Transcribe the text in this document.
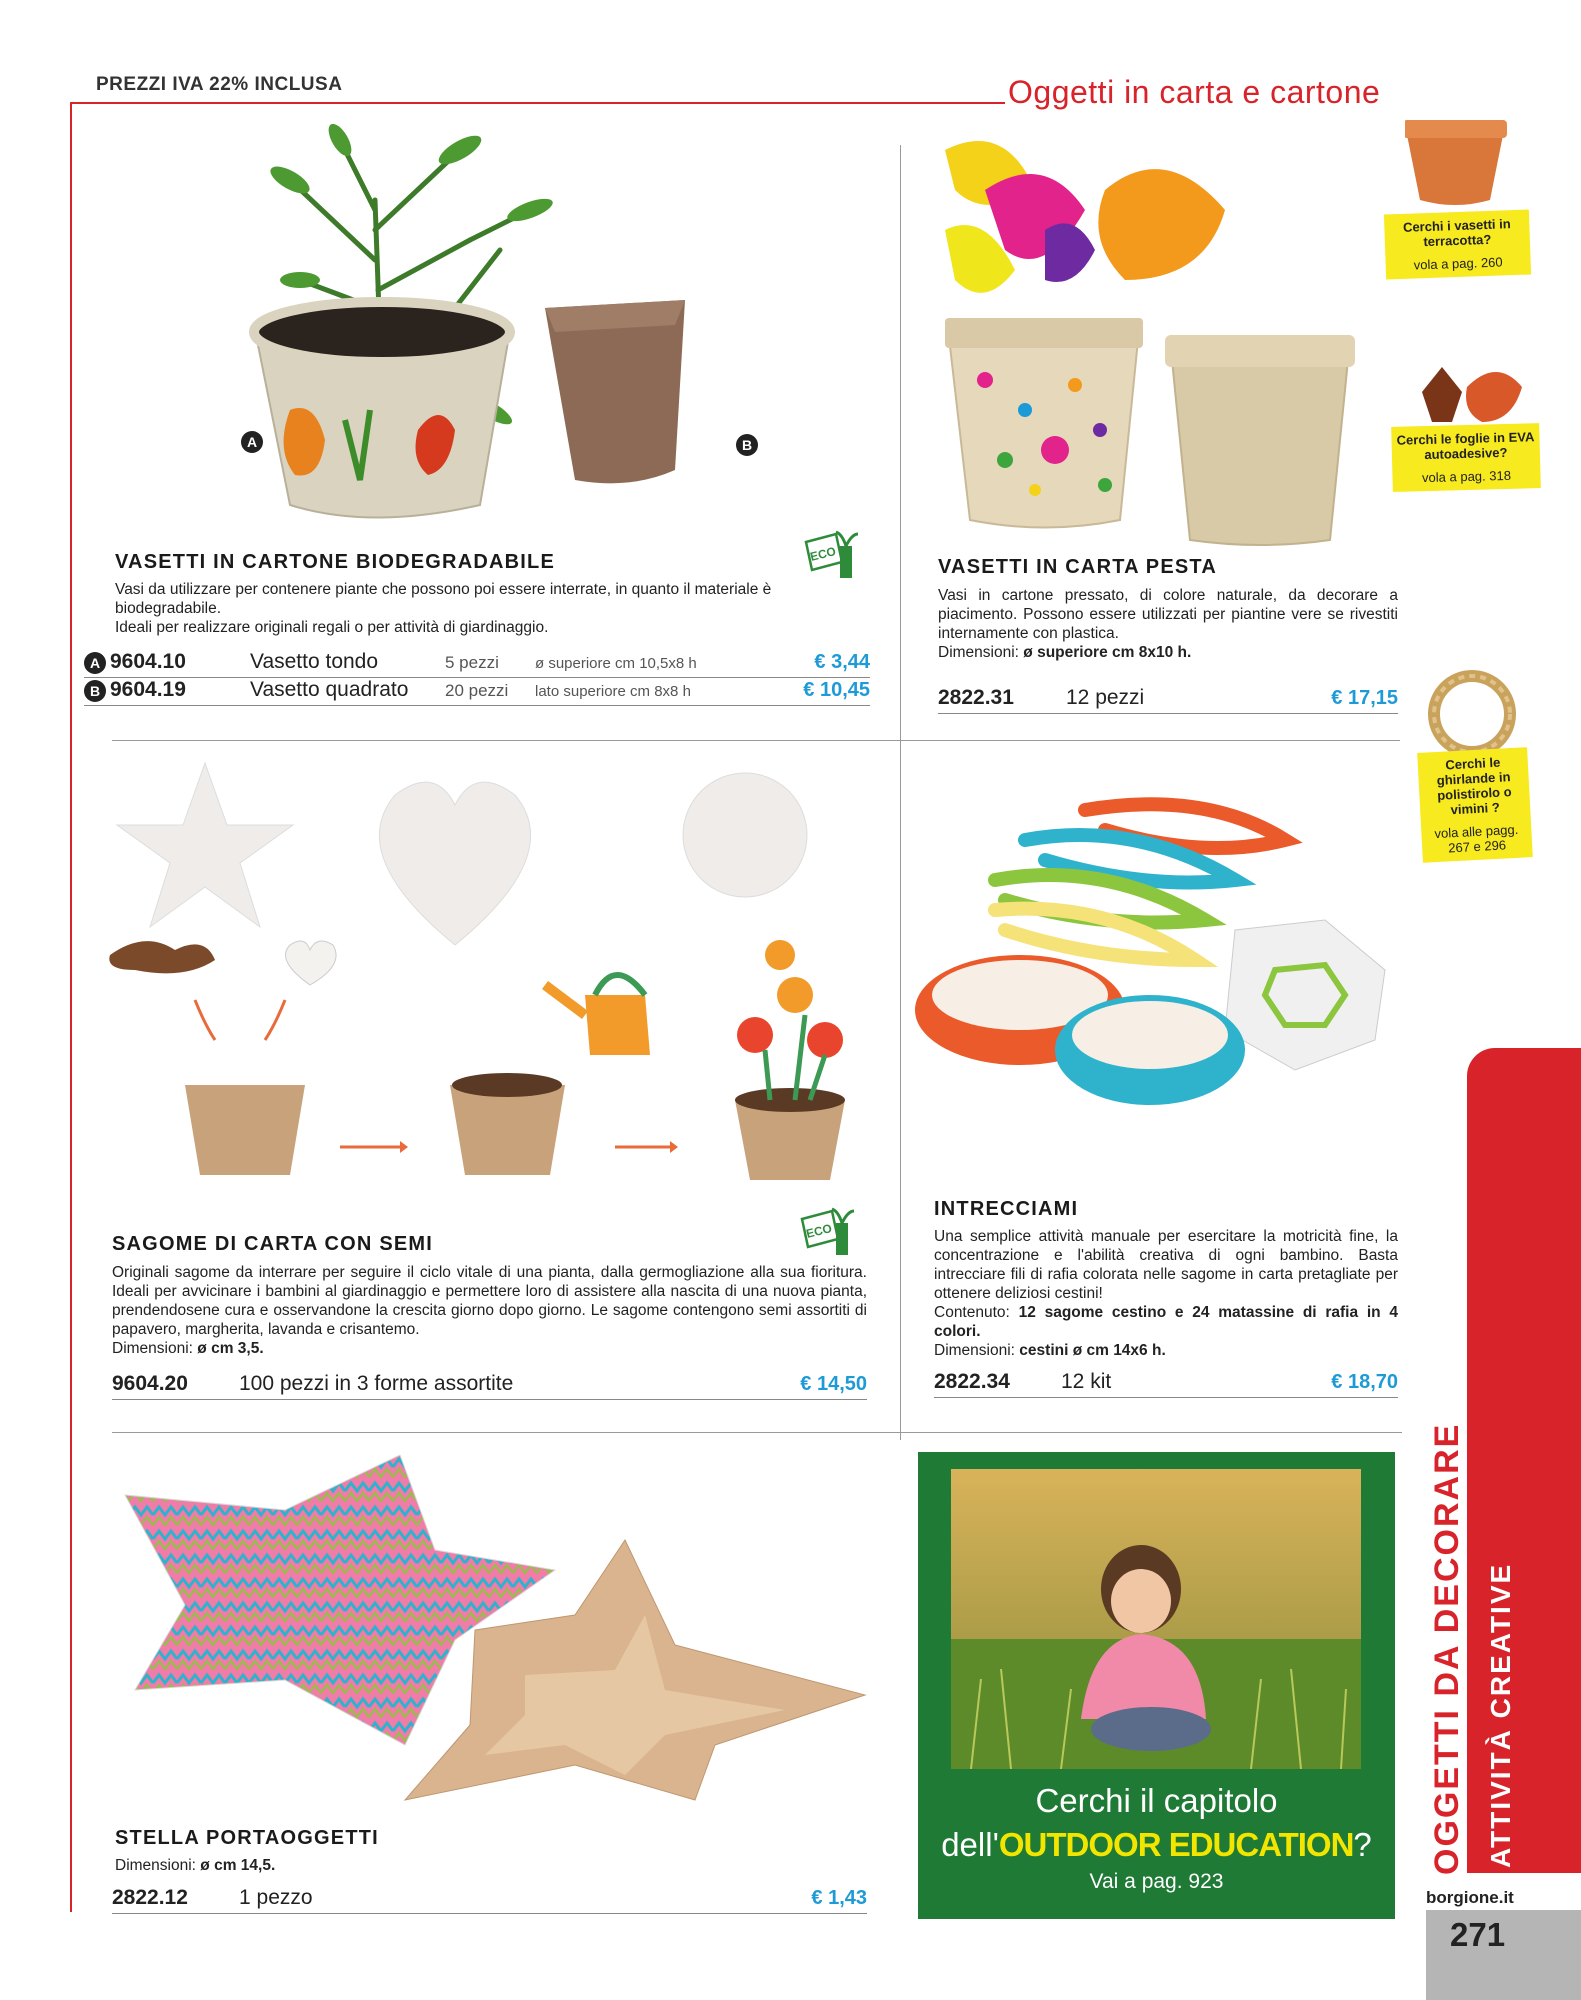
PREZZI IVA 22% INCLUSA	Oggetti in carta e cartone
A	B
ECO
VASETTI IN CARTONE BIODEGRADABILE
Vasi da utilizzare per contenere piante che possono poi essere interrate, in quanto il materiale è biodegradabile.
Ideali per realizzare originali regali o per attività di giardinaggio.
A 9604.10	Vasetto tondo	5 pezzi	ø superiore cm 10,5x8 h	€ 3,44
B 9604.19	Vasetto quadrato	20 pezzi	lato superiore cm 8x8 h	€ 10,45
VASETTI IN CARTA PESTA
Vasi in cartone pressato, di colore naturale, da decorare a piacimento. Possono essere utilizzati per piantine vere se rivestiti internamente con plastica.
Dimensioni: ø superiore cm 8x10 h.
2822.31	12 pezzi	€ 17,15
Cerchi i vasetti in terracotta?
vola a pag. 260
Cerchi le foglie in EVA autoadesive?
vola a pag. 318
Cerchi le ghirlande in polistirolo o vimini ?
vola alle pagg. 267 e 296
ECO
SAGOME DI CARTA CON SEMI
Originali sagome da interrare per seguire il ciclo vitale di una pianta, dalla germogliazione alla sua fioritura. Ideali per avvicinare i bambini al giardinaggio e permettere loro di assistere alla nascita di una nuova pianta, prendendosene cura e osservandone la crescita giorno dopo giorno. Le sagome contengono semi assortiti di papavero, margherita, lavanda e crisantemo.
Dimensioni: ø cm 3,5.
9604.20	100 pezzi in 3 forme assortite	€ 14,50
INTRECCIAMI
Una semplice attività manuale per esercitare la motricità fine, la concentrazione e l'abilità creativa di ogni bambino. Basta intrecciare fili di rafia colorata nelle sagome in carta pretagliate per ottenere deliziosi cestini!
Contenuto: 12 sagome cestino e 24 matassine di rafia in 4 colori.
Dimensioni: cestini ø cm 14x6 h.
2822.34	12 kit	€ 18,70
STELLA PORTAOGGETTI
Dimensioni: ø cm 14,5.
2822.12	1 pezzo	€ 1,43
Cerchi il capitolo
dell'OUTDOOR EDUCATION?
Vai a pag. 923
OGGETTI DA DECORARE ATTIVITÀ CREATIVE
borgione.it
271
